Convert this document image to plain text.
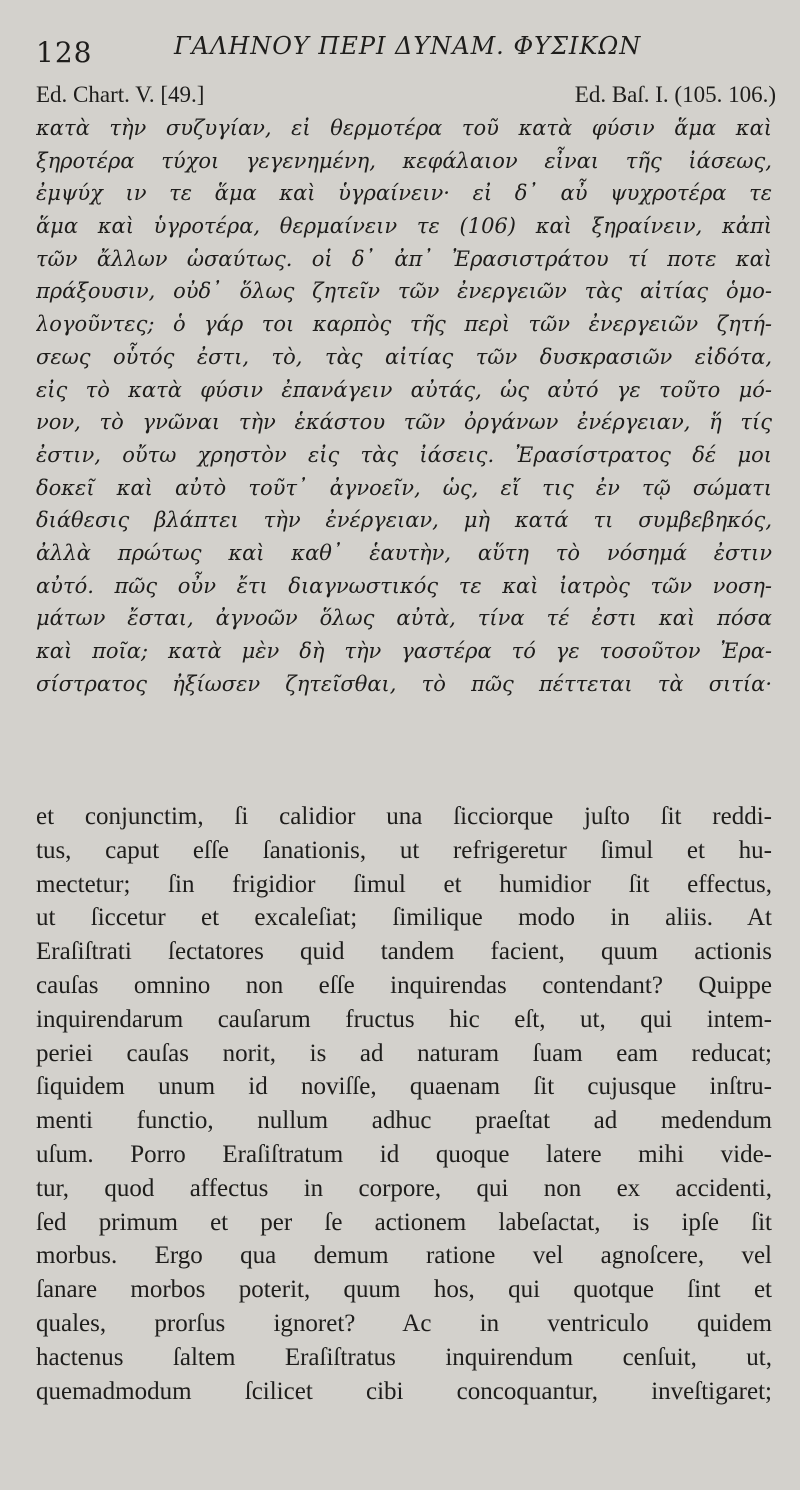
128	ΓΑΛΗΝΟΥ ΠΕΡΙ ΔΥΝΑΜ. ΦΥΣΙΚΩΝ
Ed. Chart. V. [49.]	Ed. Baſ. I. (105. 106.)
κατὰ τὴν συζυγίαν, εἰ θερμοτέρα τοῦ κατὰ φύσιν ἅμα καὶ
ξηροτέρα τύχοι γεγενημένη, κεφάλαιον εἶναι τῆς ἰάσεως,
ἐμψύχ ιν τε ἅμα καὶ ὑγραίνειν· εἰ δ᾽ αὖ ψυχροτέρα τε
ἅμα καὶ ὑγροτέρα, θερμαίνειν τε (106) καὶ ξηραίνειν, κἀπὶ
τῶν ἄλλων ὡσαύτως. οἱ δ᾽ ἀπ᾽ Ἐρασιστράτου τί ποτε καὶ
πράξουσιν, οὐδ᾽ ὅλως ζητεῖν τῶν ἐνεργειῶν τὰς αἰτίας ὁμο-
λογοῦντες; ὁ γάρ τοι καρπὸς τῆς περὶ τῶν ἐνεργειῶν ζητή-
σεως οὗτός ἐστι, τὸ, τὰς αἰτίας τῶν δυσκρασιῶν εἰδότα,
εἰς τὸ κατὰ φύσιν ἐπανάγειν αὐτάς, ὡς αὐτό γε τοῦτο μό-
νον, τὸ γνῶναι τὴν ἑκάστου τῶν ὀργάνων ἐνέργειαν, ἥ τίς
ἐστιν, οὔτω χρηστὸν εἰς τὰς ἰάσεις. Ἐρασίστρατος δέ μοι
δοκεῖ καὶ αὐτὸ τοῦτ᾽ ἀγνοεῖν, ὡς, εἴ τις ἐν τῷ σώματι
διάθεσις βλάπτει τὴν ἐνέργειαν, μὴ κατά τι συμβεβηκός,
ἀλλὰ πρώτως καὶ καθ᾽ ἑαυτὴν, αὕτη τὸ νόσημά ἐστιν
αὐτό. πῶς οὖν ἔτι διαγνωστικός τε καὶ ἰατρὸς τῶν νοση-
μάτων ἔσται, ἀγνοῶν ὅλως αὐτὰ, τίνα τέ ἐστι καὶ πόσα
καὶ ποῖα; κατὰ μὲν δὴ τὴν γαστέρα τό γε τοσοῦτον Ἐρα-
σίστρατος ἠξίωσεν ζητεῖσθαι, τὸ πῶς πέττεται τὰ σιτία·
et conjunctim, ſi calidior una ſicciorque juſto ſit reddi-
tus, caput eſſe ſanationis, ut refrigeretur ſimul et hu-
mectetur; ſin frigidior ſimul et humidior ſit effectus,
ut ſiccetur et excaleſiat; ſimilique modo in aliis. At
Eraſiſtrati ſectatores quid tandem facient, quum actionis
cauſas omnino non eſſe inquirendas contendant? Quippe
inquirendarum cauſarum fructus hic eſt, ut, qui intem-
periei cauſas norit, is ad naturam ſuam eam reducat;
ſiquidem unum id noviſſe, quaenam ſit cujusque inſtru-
menti functio, nullum adhuc praeſtat ad medendum
uſum. Porro Eraſiſtratum id quoque latere mihi vide-
tur, quod affectus in corpore, qui non ex accidenti,
ſed primum et per ſe actionem labeſactat, is ipſe ſit
morbus. Ergo qua demum ratione vel agnoſcere, vel
ſanare morbos poterit, quum hos, qui quotque ſint et
quales, prorſus ignoret? Ac in ventriculo quidem
hactenus ſaltem Eraſiſtratus inquirendum cenſuit, ut,
quemadmodum ſcilicet cibi concoquantur, inveſtigaret;
